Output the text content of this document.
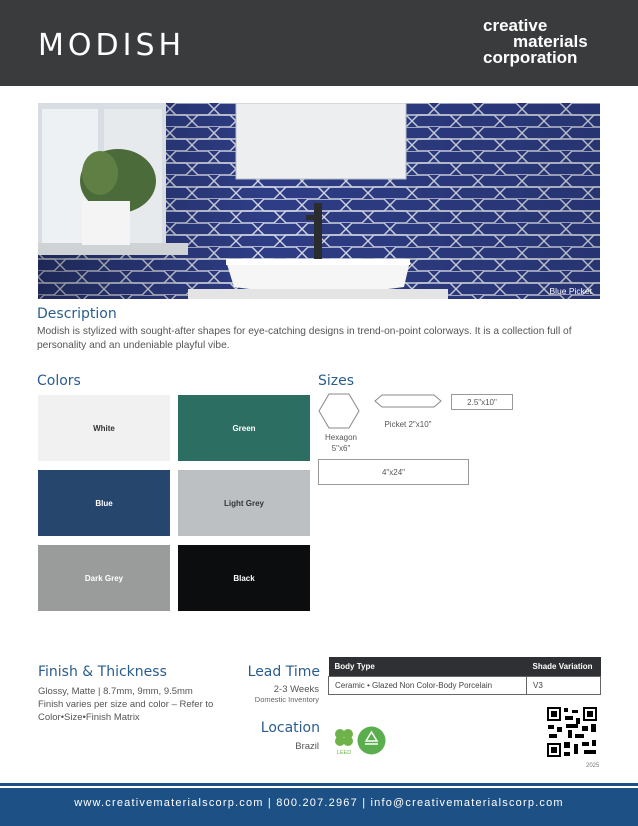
MODISH
creative
materials
corporation
Blue Picket
Description
Modish is stylized with sought-after shapes for eye-catching designs in trend-on-point colorways. It is a collection full of personality and an undeniable playful vibe.
Colors
White	Green
Blue	Light Grey
Dark Grey	Black
Sizes
Hexagon
5"x6"
Picket 2"x10"
2.5"x10"
4"x24"
Finish & Thickness
Glossy, Matte | 8.7mm, 9mm, 9.5mm
Finish varies per size and color – Refer to Color•Size•Finish Matrix
Lead Time
2-3 Weeks
Domestic Inventory
Location
Brazil
Body Type	Shade Variation
Ceramic • Glazed Non Color-Body Porcelain	V3
LEED
2025
www.creativematerialscorp.com | 800.207.2967 | info@creativematerialscorp.com
